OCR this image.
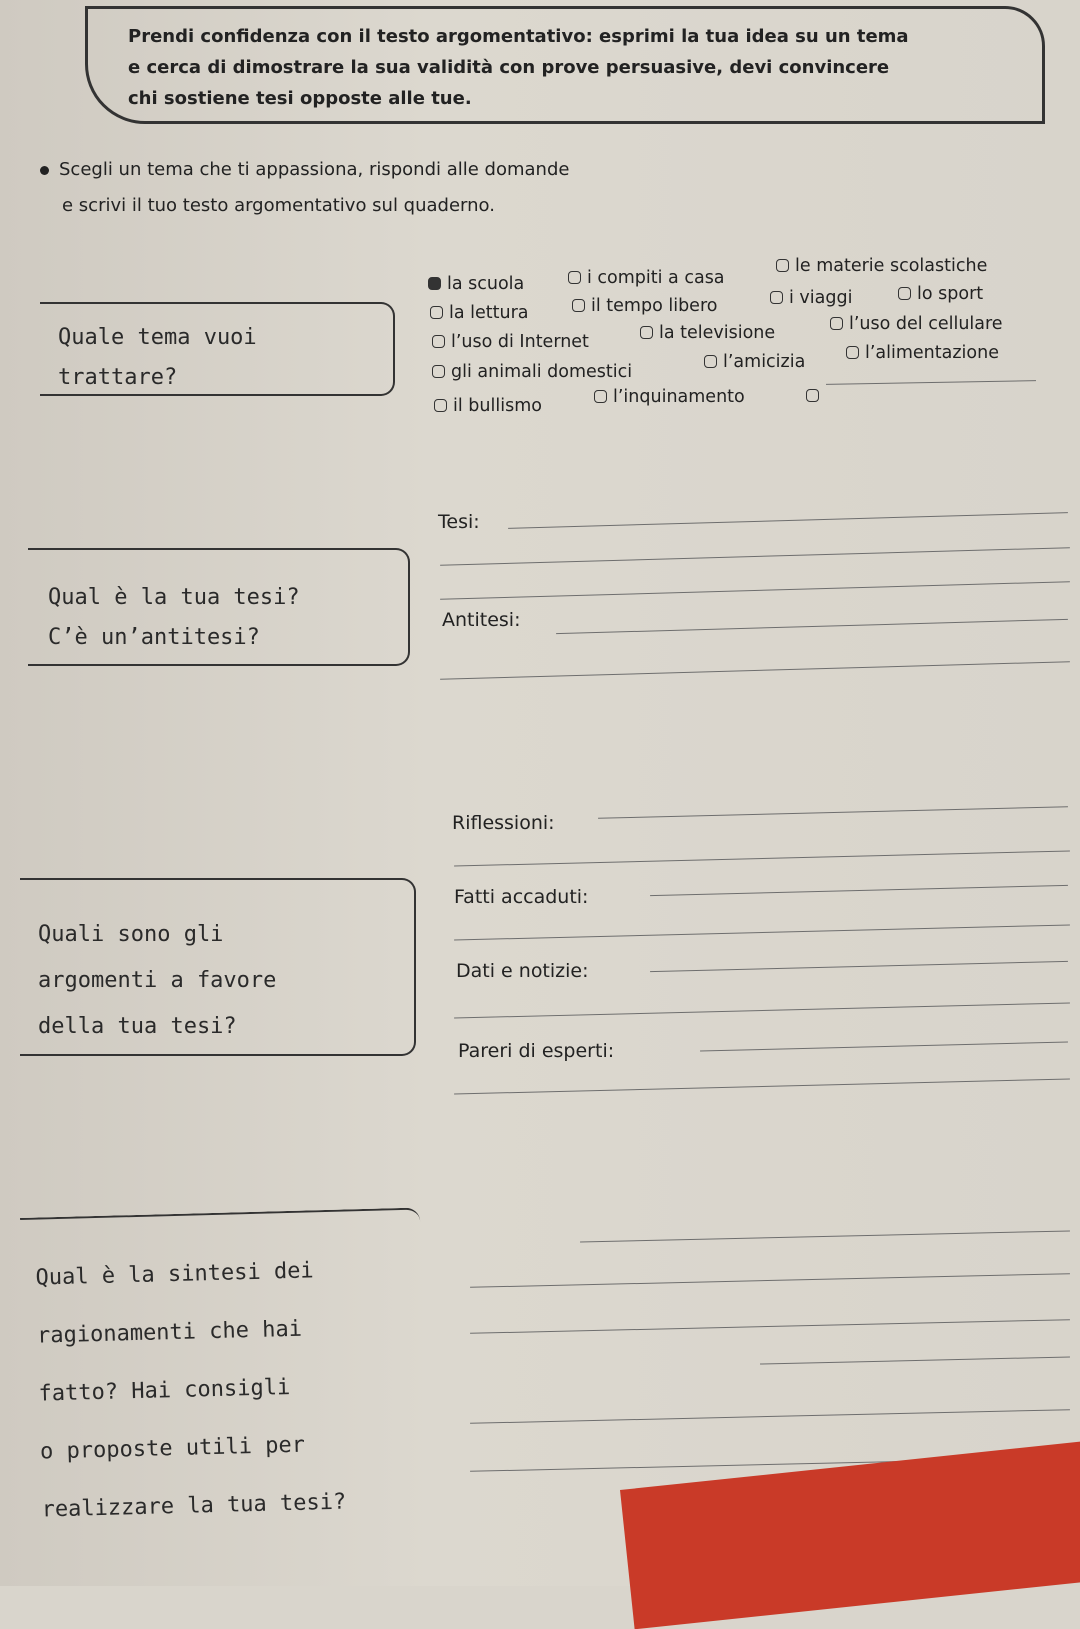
Prendi confidenza con il testo argomentativo: esprimi la tua idea su un tema
e cerca di dimostrare la sua validità con prove persuasive, devi convincere
chi sostiene tesi opposte alle tue.
Scegli un tema che ti appassiona, rispondi alle domande
e scrivi il tuo testo argomentativo sul quaderno.
Quale tema vuoi
trattare?
la scuola	i compiti a casa
le materie scolastiche
la lettura	il tempo libero	i viaggi	lo sport
l’uso di Internet	la televisione	l’uso del cellulare
gli animali domestici	l’amicizia	l’alimentazione
il bullismo	l’inquinamento
Qual è la tua tesi?
C’è un’antitesi?
Tesi:
Antitesi:
Quali sono gli
argomenti a favore
della tua tesi?
Riflessioni:
Fatti accaduti:
Dati e notizie:
Pareri di esperti:
Qual è la sintesi dei
ragionamenti che hai
fatto? Hai consigli
o proposte utili per
realizzare la tua tesi?
